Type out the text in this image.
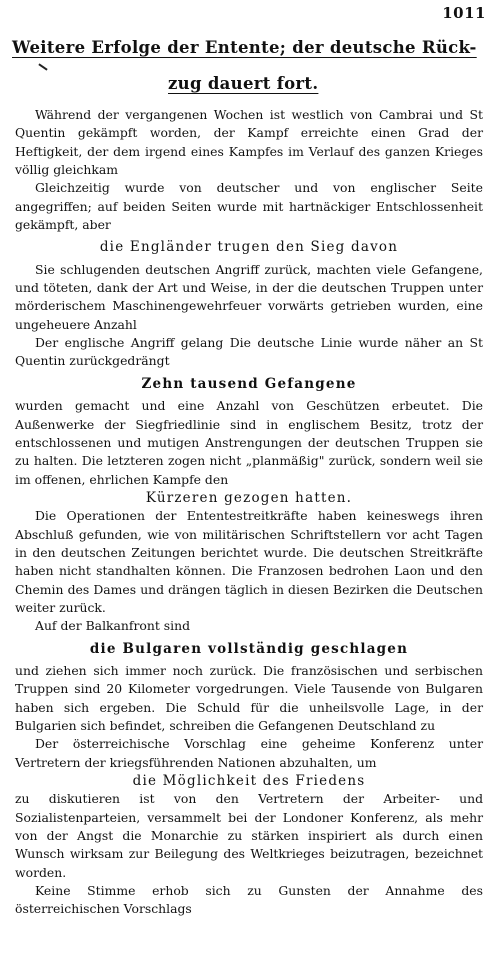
1011
Weitere Erfolge der Entente; der deutsche Rück-
zug dauert fort.

Während der vergangenen Wochen ist westlich von Cambrai und St Quentin gekämpft worden, der Kampf erreichte einen Grad der Heftigkeit, der dem irgend eines Kampfes im Verlauf des ganzen Krieges völlig gleichkam

Gleichzeitig wurde von deutscher und von englischer Seite angegriffen; auf beiden Seiten wurde mit hartnäckiger Entschlossenheit gekämpft, aber

die Engländer trugen den Sieg davon

Sie schlugenden deutschen Angriff zurück, machten viele Gefangene, und töteten, dank der Art und Weise, in der die deutschen Truppen unter mörderischem Maschinengewehrfeuer vorwärts getrieben wurden, eine ungeheuere Anzahl

Der englische Angriff gelang Die deutsche Linie wurde näher an St Quentin zurückgedrängt

Zehn tausend Gefangene

wurden gemacht und eine Anzahl von Geschützen erbeutet. Die Außenwerke der Siegfriedlinie sind in englischem Besitz, trotz der entschlossenen und mutigen Anstrengungen der deutschen Truppen sie zu halten. Die letzteren zogen nicht „planmäßig" zurück, sondern weil sie im offenen, ehrlichen Kampfe den

Kürzeren gezogen hatten.

Die Operationen der Ententestreitkräfte haben keineswegs ihren Abschluß gefunden, wie von militärischen Schriftstellern vor acht Tagen in den deutschen Zeitungen berichtet wurde. Die deutschen Streitkräfte haben nicht standhalten können. Die Franzosen bedrohen Laon und den Chemin des Dames und drängen täglich in diesen Bezirken die Deutschen weiter zurück.

Auf der Balkanfront sind

die Bulgaren vollständig geschlagen

und ziehen sich immer noch zurück. Die französischen und serbischen Truppen sind 20 Kilometer vorgedrungen. Viele Tausende von Bulgaren haben sich ergeben. Die Schuld für die unheilsvolle Lage, in der Bulgarien sich befindet, schreiben die Gefangenen Deutschland zu

Der österreichische Vorschlag eine geheime Konferenz unter Vertretern der kriegsführenden Nationen abzuhalten, um

die Möglichkeit des Friedens

zu diskutieren ist von den Vertretern der Arbeiter- und Sozialistenparteien, versammelt bei der Londoner Konferenz, als mehr von der Angst die Monarchie zu stärken inspiriert als durch einen Wunsch wirksam zur Beilegung des Weltkrieges beizutragen, bezeichnet worden.

Keine Stimme erhob sich zu Gunsten der Annahme des österreichischen Vorschlags
